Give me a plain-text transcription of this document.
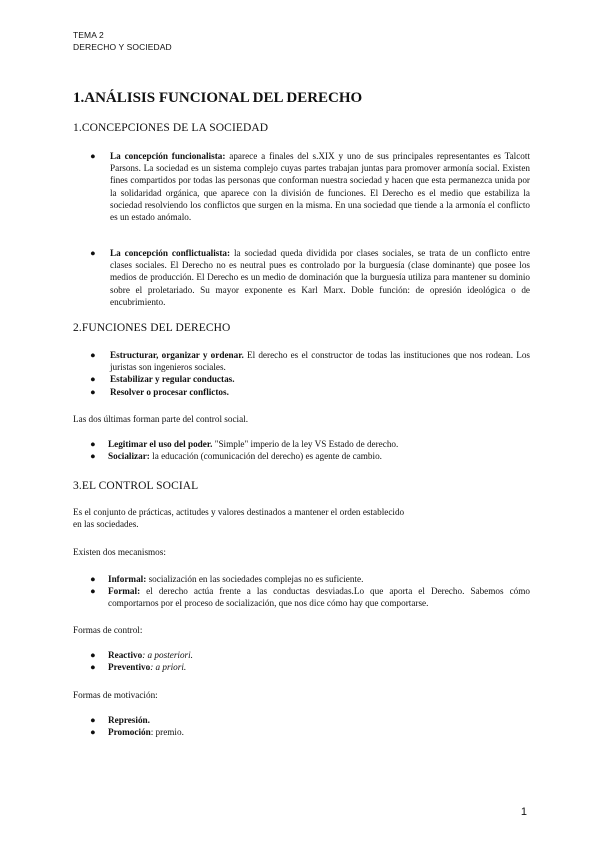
TEMA 2
DERECHO Y SOCIEDAD
1.ANÁLISIS FUNCIONAL DEL DERECHO
1.CONCEPCIONES DE LA SOCIEDAD
● La concepción funcionalista: aparece a finales del s.XIX y uno de sus principales representantes es Talcott Parsons. La sociedad es un sistema complejo cuyas partes trabajan juntas para promover armonía social. Existen fines compartidos por todas las personas que conforman nuestra sociedad y hacen que esta permanezca unida por la solidaridad orgánica, que aparece con la división de funciones. El Derecho es el medio que estabiliza la sociedad resolviendo los conflictos que surgen en la misma. En una sociedad que tiende a la armonía el conflicto es un estado anómalo.
● La concepción conflictualista: la sociedad queda dividida por clases sociales, se trata de un conflicto entre clases sociales. El Derecho no es neutral pues es controlado por la burguesía (clase dominante) que posee los medios de producción. El Derecho es un medio de dominación que la burguesía utiliza para mantener su dominio sobre el proletariado. Su mayor exponente es Karl Marx. Doble función: de opresión ideológica o de encubrimiento.
2.FUNCIONES DEL DERECHO
● Estructurar, organizar y ordenar. El derecho es el constructor de todas las instituciones que nos rodean. Los juristas son ingenieros sociales.
● Estabilizar y regular conductas.
● Resolver o procesar conflictos.
Las dos últimas forman parte del control social.
● Legitimar el uso del poder. "Simple" imperio de la ley VS Estado de derecho.
● Socializar: la educación (comunicación del derecho) es agente de cambio.
3.EL CONTROL SOCIAL
Es el conjunto de prácticas, actitudes y valores destinados a mantener el orden establecido
en las sociedades.
Existen dos mecanismos:
● Informal: socialización en las sociedades complejas no es suficiente.
● Formal: el derecho actúa frente a las conductas desviadas.Lo que aporta el Derecho. Sabemos cómo comportarnos por el proceso de socialización, que nos dice cómo hay que comportarse.
Formas de control:
● Reactivo: a posteriori.
● Preventivo: a priori.
Formas de motivación:
● Represión.
● Promoción: premio.
1
